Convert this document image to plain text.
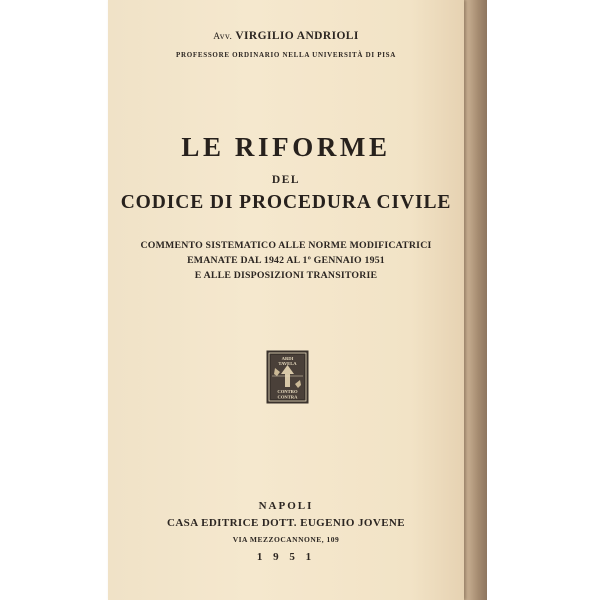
Avv. VIRGILIO ANDRIOLI

PROFESSORE ORDINARIO NELLA UNIVERSITÀ DI PISA

LE RIFORME

DEL

CODICE DI PROCEDURA CIVILE

COMMENTO SISTEMATICO ALLE NORME MODIFICATRICI

EMANATE DAL 1942 AL 1º GENNAIO 1951

E ALLE DISPOSIZIONI TRANSITORIE

ARDI
TAVELA
CONTRO
CONTRA

NAPOLI

CASA EDITRICE DOTT. EUGENIO JOVENE

VIA MEZZOCANNONE, 109

1 9 5 1
